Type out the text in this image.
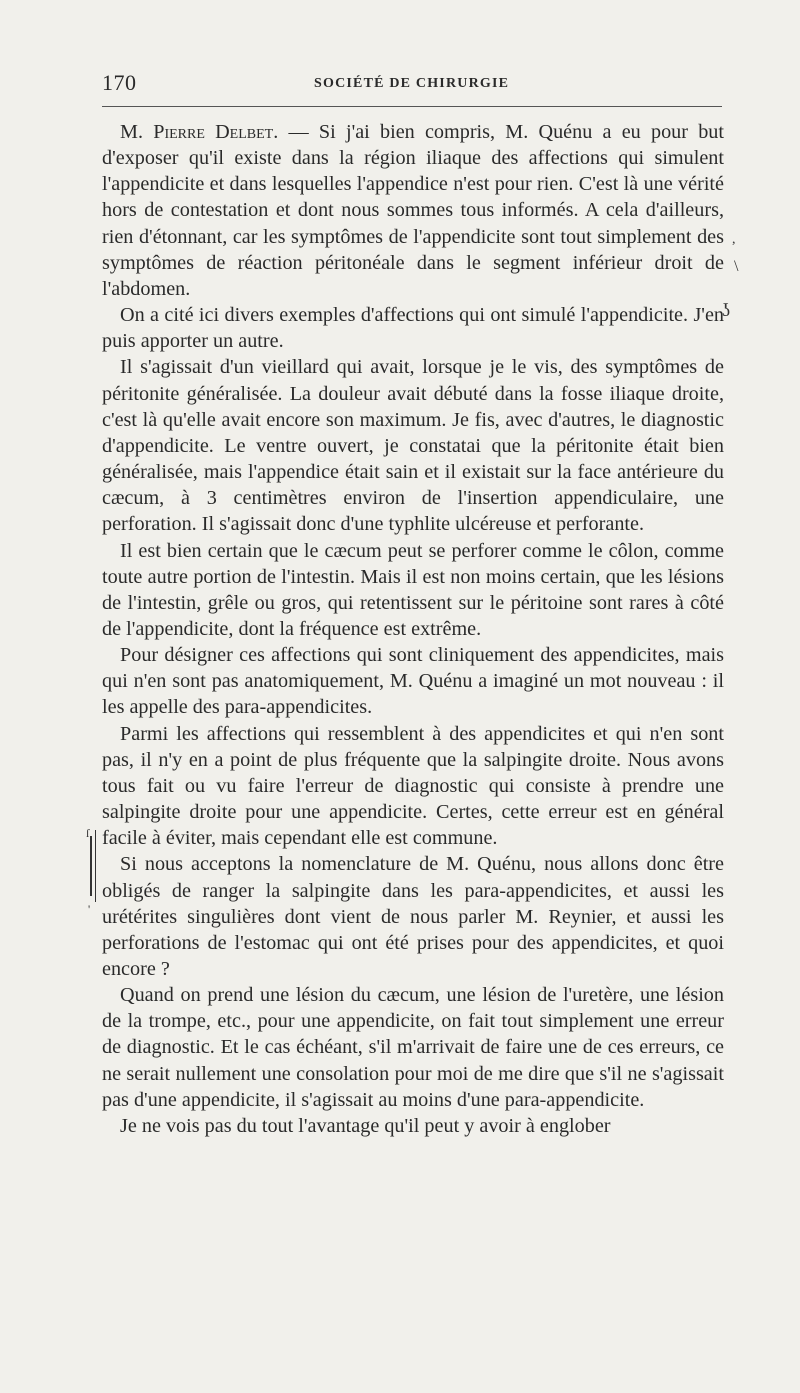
170	SOCIÉTÉ DE CHIRURGIE

M. Pierre Delbet. — Si j'ai bien compris, M. Quénu a eu pour but d'exposer qu'il existe dans la région iliaque des affections qui simulent l'appendicite et dans lesquelles l'appendice n'est pour rien. C'est là une vérité hors de contestation et dont nous sommes tous informés. A cela d'ailleurs, rien d'étonnant, car les symptômes de l'appendicite sont tout simplement des symptômes de réaction péritonéale dans le segment inférieur droit de l'abdomen.

On a cité ici divers exemples d'affections qui ont simulé l'appendicite. J'en puis apporter un autre.

Il s'agissait d'un vieillard qui avait, lorsque je le vis, des symptômes de péritonite généralisée. La douleur avait débuté dans la fosse iliaque droite, c'est là qu'elle avait encore son maximum. Je fis, avec d'autres, le diagnostic d'appendicite. Le ventre ouvert, je constatai que la péritonite était bien généralisée, mais l'appendice était sain et il existait sur la face antérieure du cæcum, à 3 centimètres environ de l'insertion appendiculaire, une perforation. Il s'agissait donc d'une typhlite ulcéreuse et perforante.

Il est bien certain que le cæcum peut se perforer comme le côlon, comme toute autre portion de l'intestin. Mais il est non moins certain, que les lésions de l'intestin, grêle ou gros, qui retentissent sur le péritoine sont rares à côté de l'appendicite, dont la fréquence est extrême.

Pour désigner ces affections qui sont cliniquement des appendicites, mais qui n'en sont pas anatomiquement, M. Quénu a imaginé un mot nouveau : il les appelle des para-appendicites.

Parmi les affections qui ressemblent à des appendicites et qui n'en sont pas, il n'y en a point de plus fréquente que la salpingite droite. Nous avons tous fait ou vu faire l'erreur de diagnostic qui consiste à prendre une salpingite droite pour une appendicite. Certes, cette erreur est en général facile à éviter, mais cependant elle est commune.

Si nous acceptons la nomenclature de M. Quénu, nous allons donc être obligés de ranger la salpingite dans les para-appendicites, et aussi les urétérites singulières dont vient de nous parler M. Reynier, et aussi les perforations de l'estomac qui ont été prises pour des appendicites, et quoi encore ?

Quand on prend une lésion du cæcum, une lésion de l'uretère, une lésion de la trompe, etc., pour une appendicite, on fait tout simplement une erreur de diagnostic. Et le cas échéant, s'il m'arrivait de faire une de ces erreurs, ce ne serait nullement une consolation pour moi de me dire que s'il ne s'agissait pas d'une appendicite, il s'agissait au moins d'une para-appendicite.

Je ne vois pas du tout l'avantage qu'il peut y avoir à englober

,
\
ʖ
ſ
'
